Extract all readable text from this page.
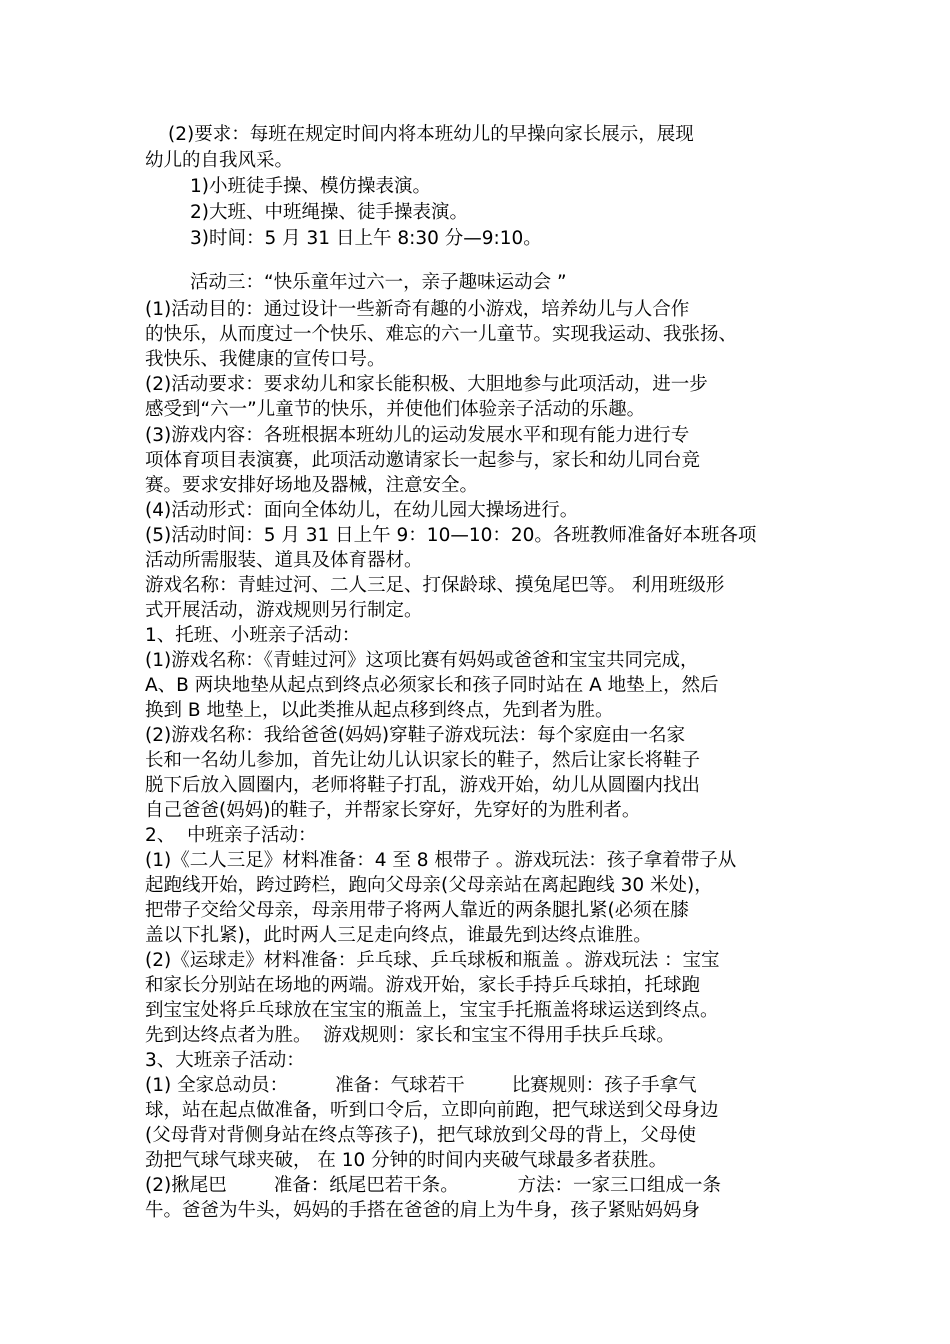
(2)要求：每班在规定时间内将本班幼儿的早操向家长展示，展现
幼儿的自我风采。
1)小班徒手操、模仿操表演。
2)大班、中班绳操、徒手操表演。
3)时间：5 月 31 日上午 8:30 分—9:10。
活动三：“快乐童年过六一，亲子趣味运动会 ”
(1)活动目的：通过设计一些新奇有趣的小游戏，培养幼儿与人合作
的快乐，从而度过一个快乐、难忘的六一儿童节。实现我运动、我张扬、
我快乐、我健康的宣传口号。
(2)活动要求：要求幼儿和家长能积极、大胆地参与此项活动，进一步
感受到“六一”儿童节的快乐，并使他们体验亲子活动的乐趣。
(3)游戏内容：各班根据本班幼儿的运动发展水平和现有能力进行专
项体育项目表演赛，此项活动邀请家长一起参与，家长和幼儿同台竞
赛。要求安排好场地及器械，注意安全。
(4)活动形式：面向全体幼儿，在幼儿园大操场进行。
(5)活动时间：5 月 31 日上午 9：10—10：20。各班教师准备好本班各项
活动所需服装、道具及体育器材。
游戏名称：青蛙过河、二人三足、打保龄球、摸兔尾巴等。 利用班级形
式开展活动，游戏规则另行制定。
1、托班、小班亲子活动：
(1)游戏名称：《青蛙过河》这项比赛有妈妈或爸爸和宝宝共同完成，
A、B 两块地垫从起点到终点必须家长和孩子同时站在 A 地垫上，然后
换到 B 地垫上，以此类推从起点移到终点，先到者为胜。
(2)游戏名称：我给爸爸(妈妈)穿鞋子游戏玩法：每个家庭由一名家
长和一名幼儿参加，首先让幼儿认识家长的鞋子，然后让家长将鞋子
脱下后放入圆圈内，老师将鞋子打乱，游戏开始，幼儿从圆圈内找出
自己爸爸(妈妈)的鞋子，并帮家长穿好，先穿好的为胜利者。
2、  中班亲子活动：
(1)《二人三足》材料准备：4 至 8 根带子 。游戏玩法：孩子拿着带子从
起跑线开始，跨过跨栏，跑向父母亲(父母亲站在离起跑线 30 米处)，
把带子交给父母亲，母亲用带子将两人靠近的两条腿扎紧(必须在膝
盖以下扎紧)，此时两人三足走向终点，谁最先到达终点谁胜。
(2)《运球走》材料准备：乒乓球、乒乓球板和瓶盖 。游戏玩法 ：宝宝
和家长分别站在场地的两端。游戏开始，家长手持乒乓球拍，托球跑
到宝宝处将乒乓球放在宝宝的瓶盖上，宝宝手托瓶盖将球运送到终点。
先到达终点者为胜。  游戏规则：家长和宝宝不得用手扶乒乓球。
3、大班亲子活动：
(1) 全家总动员：        准备：气球若干        比赛规则：孩子手拿气
球，站在起点做准备，听到口令后，立即向前跑，把气球送到父母身边
(父母背对背侧身站在终点等孩子)，把气球放到父母的背上，父母使
劲把气球气球夹破， 在 10 分钟的时间内夹破气球最多者获胜。
(2)揪尾巴        准备：纸尾巴若干条。          方法：一家三口组成一条
牛。爸爸为牛头，妈妈的手搭在爸爸的肩上为牛身，孩子紧贴妈妈身
